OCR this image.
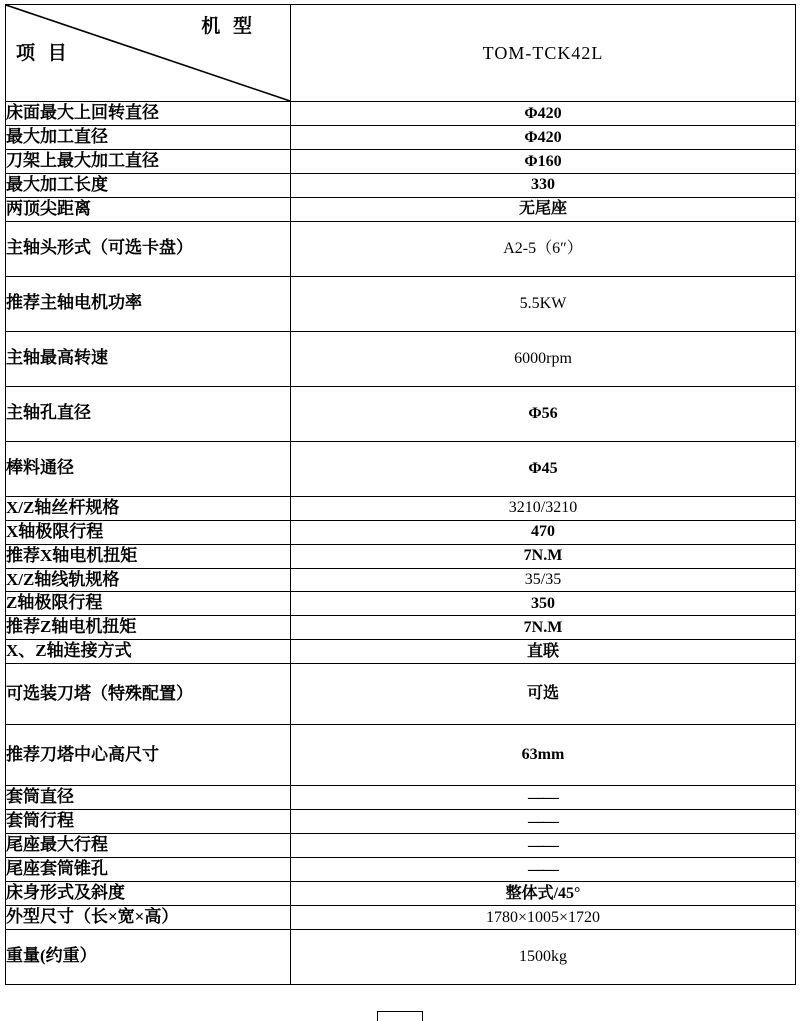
机 型
项 目	TOM-TCK42L
床面最大上回转直径	Φ420
最大加工直径	Φ420
刀架上最大加工直径	Φ160
最大加工长度	330
两顶尖距离	无尾座
主轴头形式（可选卡盘）	A2-5（6″）
推荐主轴电机功率	5.5KW
主轴最高转速	6000rpm
主轴孔直径	Φ56
棒料通径	Φ45
X/Z轴丝杆规格	3210/3210
X轴极限行程	470
推荐X轴电机扭矩	7N.M
X/Z轴线轨规格	35/35
Z轴极限行程	350
推荐Z轴电机扭矩	7N.M
X、Z轴连接方式	直联
可选装刀塔（特殊配置）	可选
推荐刀塔中心高尺寸	63mm
套筒直径	——
套筒行程	——
尾座最大行程	——
尾座套筒锥孔	——
床身形式及斜度	整体式/45°
外型尺寸（长×宽×高）	1780×1005×1720
重量(约重）	1500kg
